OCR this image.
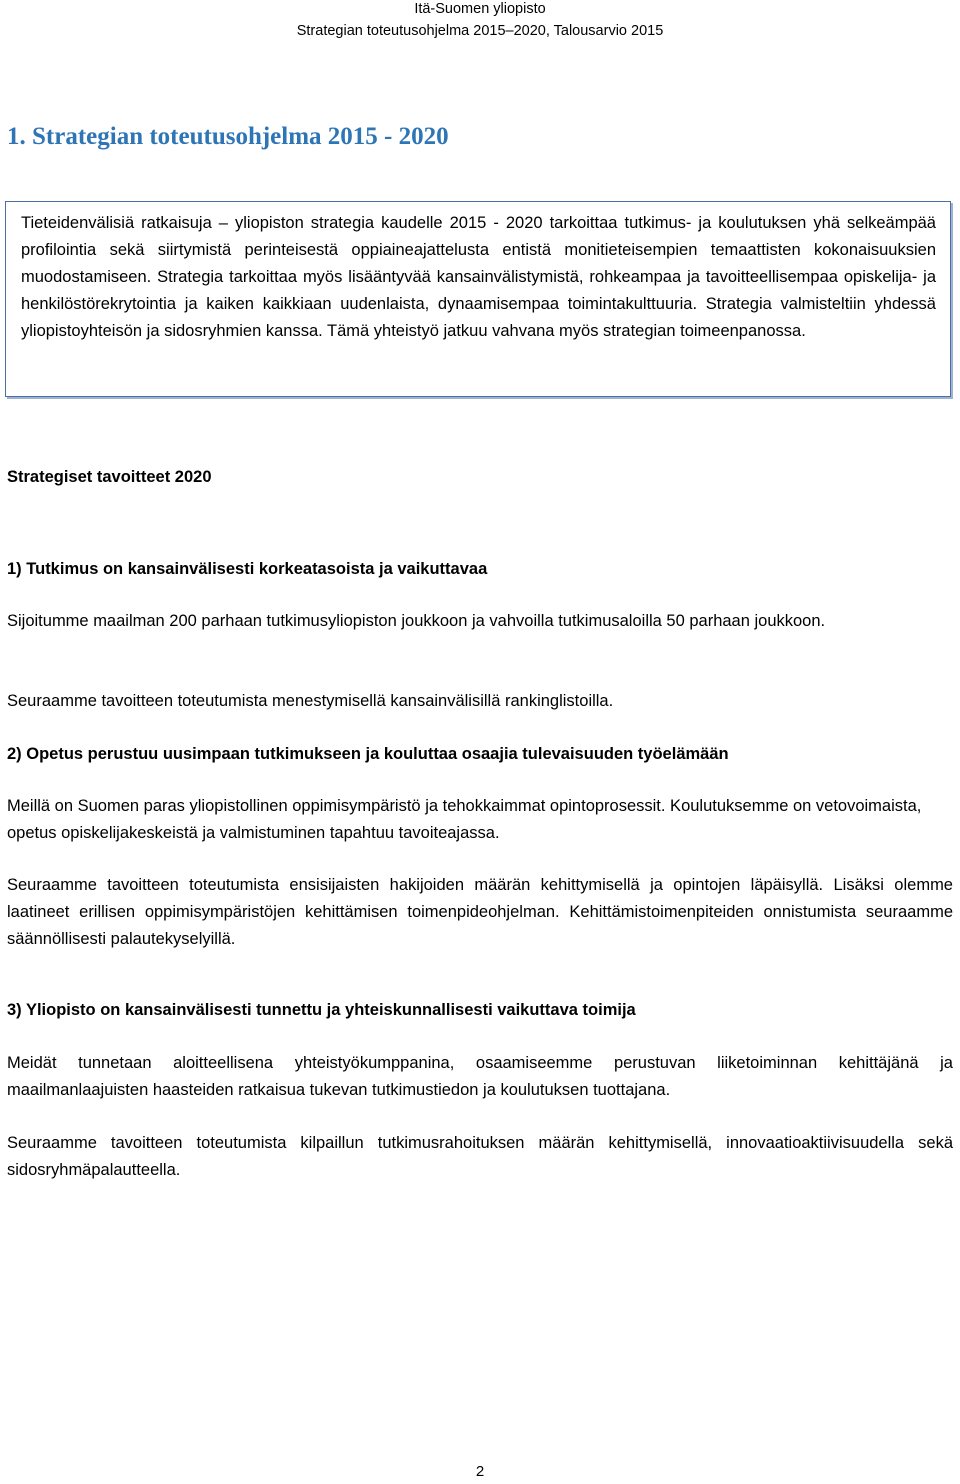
Itä-Suomen yliopisto
Strategian toteutusohjelma 2015–2020, Talousarvio 2015
1. Strategian toteutusohjelma 2015 - 2020

Tieteidenvälisiä ratkaisuja – yliopiston strategia kaudelle 2015 - 2020 tarkoittaa tutkimus- ja koulutuksen yhä selkeämpää profilointia sekä siirtymistä perinteisestä oppiaineajattelusta entistä monitieteisempien temaattisten kokonaisuuksien muodostamiseen. Strategia tarkoittaa myös lisääntyvää kansainvälistymistä, rohkeampaa ja tavoitteellisempaa opiskelija- ja henkilöstörekrytointia ja kaiken kaikkiaan uudenlaista, dynaamisempaa toimintakulttuuria. Strategia valmisteltiin yhdessä yliopistoyhteisön ja sidosryhmien kanssa. Tämä yhteistyö jatkuu vahvana myös strategian toimeenpanossa.

Strategiset tavoitteet 2020

1) Tutkimus on kansainvälisesti korkeatasoista ja vaikuttavaa

Sijoitumme maailman 200 parhaan tutkimusyliopiston joukkoon ja vahvoilla tutkimusaloilla 50 parhaan joukkoon.

Seuraamme tavoitteen toteutumista menestymisellä kansainvälisillä rankinglistoilla.

2) Opetus perustuu uusimpaan tutkimukseen ja kouluttaa osaajia tulevaisuuden työelämään

Meillä on Suomen paras yliopistollinen oppimisympäristö ja tehokkaimmat opintoprosessit. Koulutuksemme on vetovoimaista, opetus opiskelijakeskeistä ja valmistuminen tapahtuu tavoiteajassa.

Seuraamme tavoitteen toteutumista ensisijaisten hakijoiden määrän kehittymisellä ja opintojen läpäisyllä. Lisäksi olemme laatineet erillisen oppimisympäristöjen kehittämisen toimenpideohjelman. Kehittämistoimenpiteiden onnistumista seuraamme säännöllisesti palautekyselyillä.

3) Yliopisto on kansainvälisesti tunnettu ja yhteiskunnallisesti vaikuttava toimija

Meidät tunnetaan aloitteellisena yhteistyökumppanina, osaamiseemme perustuvan liiketoiminnan kehittäjänä ja maailmanlaajuisten haasteiden ratkaisua tukevan tutkimustiedon ja koulutuksen tuottajana.

Seuraamme tavoitteen toteutumista kilpaillun tutkimusrahoituksen määrän kehittymisellä, innovaatioaktiivisuudella sekä sidosryhmäpalautteella.

2
